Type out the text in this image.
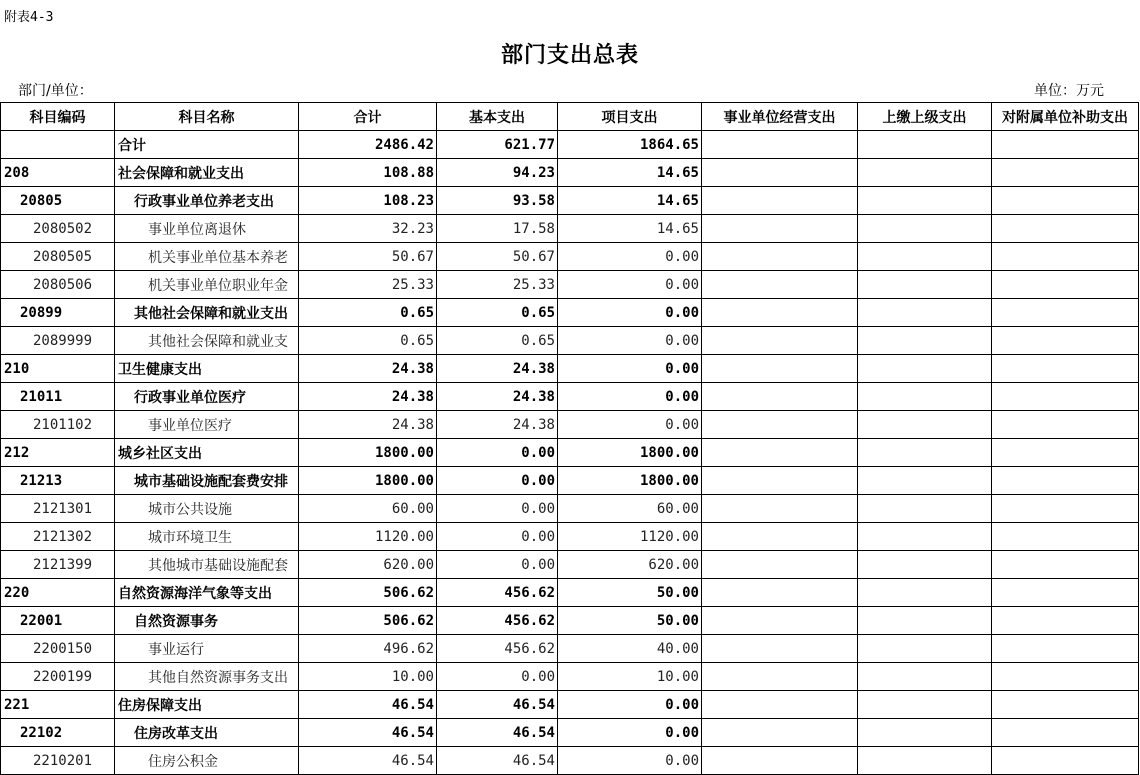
附表4-3
部门支出总表
部门/单位：	单位：万元
科目编码	科目名称	合计	基本支出	项目支出	事业单位经营支出	上缴上级支出	对附属单位补助支出
	合计	2486.42	621.77	1864.65			
208	社会保障和就业支出	108.88	94.23	14.65			
20805	行政事业单位养老支出	108.23	93.58	14.65			
2080502	事业单位离退休	32.23	17.58	14.65			
2080505	机关事业单位基本养老	50.67	50.67	0.00			
2080506	机关事业单位职业年金	25.33	25.33	0.00			
20899	其他社会保障和就业支出	0.65	0.65	0.00			
2089999	其他社会保障和就业支	0.65	0.65	0.00			
210	卫生健康支出	24.38	24.38	0.00			
21011	行政事业单位医疗	24.38	24.38	0.00			
2101102	事业单位医疗	24.38	24.38	0.00			
212	城乡社区支出	1800.00	0.00	1800.00			
21213	城市基础设施配套费安排	1800.00	0.00	1800.00			
2121301	城市公共设施	60.00	0.00	60.00			
2121302	城市环境卫生	1120.00	0.00	1120.00			
2121399	其他城市基础设施配套	620.00	0.00	620.00			
220	自然资源海洋气象等支出	506.62	456.62	50.00			
22001	自然资源事务	506.62	456.62	50.00			
2200150	事业运行	496.62	456.62	40.00			
2200199	其他自然资源事务支出	10.00	0.00	10.00			
221	住房保障支出	46.54	46.54	0.00			
22102	住房改革支出	46.54	46.54	0.00			
2210201	住房公积金	46.54	46.54	0.00			
